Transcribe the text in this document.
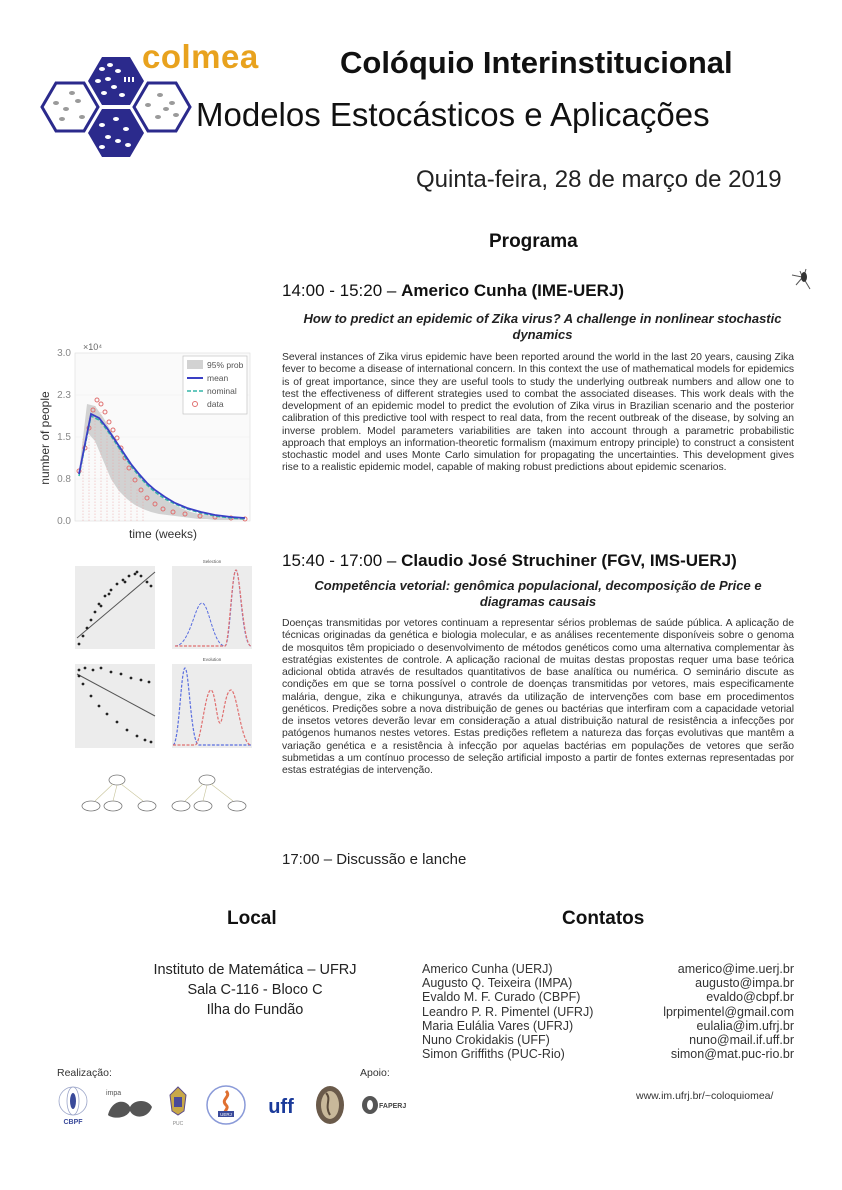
colmea	Colóquio Interinstitucional
Modelos Estocásticos e Aplicações
Quinta-feira, 28 de março de 2019
Programa
14:00 - 15:20 – Americo Cunha (IME-UERJ)
How to predict an epidemic of Zika virus? A challenge in nonlinear stochastic dynamics
Several instances of Zika virus epidemic have been reported around the world in the last 20 years, causing Zika fever to become a disease of international concern. In this context the use of mathematical models for epidemics is of great importance, since they are useful tools to study the underlying outbreak numbers and allow one to test the effectiveness of different strategies used to combat the associated diseases. This work deals with the development of an epidemic model to predict the evolution of Zika virus in Brazilian scenario and the posterior calibration of this predictive tool with respect to real data, from the recent outbreak of the disease, by solving an inverse problem. Model parameters variabilities are taken into account through a parametric probabilistic approach that employs an information-theoretic formalism (maximum entropy principle) to construct a consistent stochastic model and uses Monte Carlo simulation for propagating the uncertainties. This development gives rise to a realistic epidemic model, capable of making robust predictions about epidemic scenarios.
0.0
0.8
1.5
2.3
3.0
×10⁴
number of people
time (weeks)
95% prob
mean
nominal
data
15:40 - 17:00 – Claudio José Struchiner (FGV, IMS-UERJ)
Competência vetorial: genômica populacional, decomposição de Price e diagramas causais
Doenças transmitidas por vetores continuam a representar sérios problemas de saúde pública. A aplicação de técnicas originadas da genética e biologia molecular, e as análises recentemente disponíveis sobre o genoma de mosquitos têm propiciado o desenvolvimento de métodos genéticos como uma alternativa complementar às estratégias existentes de controle. A aplicação racional de muitas destas propostas requer uma base teórica adicional obtida através de resultados quantitativos de base analítica ou numérica. O seminário discute as condições em que se torna possível o controle de doenças transmitidas por vetores, mais especificamente malária, dengue, zika e chikungunya, através da utilização de intervenções com base em procedimentos genéticos. Predições sobre a nova distribuição de genes ou bactérias que interfiram com a capacidade vetorial de insetos vetores deverão levar em consideração a atual distribuição natural de resistência a infecções por patógenos humanos nestes vetores. Estas predições refletem a natureza das forças evolutivas que mantêm a variação genética e a resistência à infecção por aquelas bactérias em populações de vetores que serão submetidas a um contínuo processo de seleção artificial imposto a partir de fontes externas representadas por estas estratégias de intervenção.
Selection
Evolution
17:00 – Discussão e lanche
Local	Contatos
Instituto de Matemática – UFRJ
Sala C-116 - Bloco C
Ilha do Fundão
Americo Cunha (UERJ)	americo@ime.uerj.br
Augusto Q. Teixeira (IMPA)	augusto@impa.br
Evaldo M. F. Curado (CBPF)	evaldo@cbpf.br
Leandro P. R. Pimentel (UFRJ)	lprpimentel@gmail.com
Maria Eulália Vares (UFRJ)	eulalia@im.ufrj.br
Nuno Crokidakis (UFF)	nuno@mail.if.uff.br
Simon Griffiths (PUC-Rio)	simon@mat.puc-rio.br
Realização:	Apoio:
www.im.ufrj.br/~coloquiomea/
CBPF
impa
PUC
UERJ uff	FAPERJ
